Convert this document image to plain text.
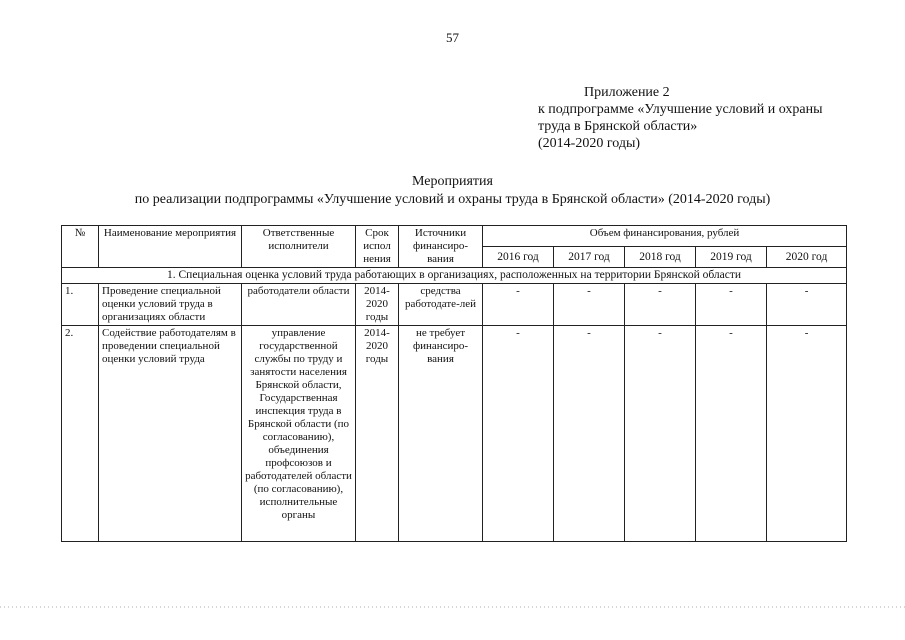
57
Приложение 2
к подпрограмме «Улучшение условий и охраны
труда в Брянской области»
(2014-2020 годы)
Мероприятия
по реализации подпрограммы «Улучшение условий и охраны труда в Брянской области» (2014-2020 годы)
№	Наименование мероприятия	Ответственные исполнители	Срок испол нения	Источники финансиро-вания	Объем финансирования, рублей				
					2016 год	2017 год	2018 год	2019 год	2020 год
1. Специальная оценка условий труда работающих в организациях, расположенных на территории Брянской области									
1.	Проведение специальной оценки условий труда в организациях области	работодатели области	2014-2020 годы	средства работодате-лей	-	-	-	-	-
2.	Содействие работодателям в проведении специальной оценки условий труда	управление государственной службы по труду и занятости населения Брянской области, Государственная инспекция труда в Брянской области (по согласованию), объединения профсоюзов и работодателей области (по согласованию), исполнительные органы	2014-2020 годы	не требует финансиро-вания	-	-	-	-	-
